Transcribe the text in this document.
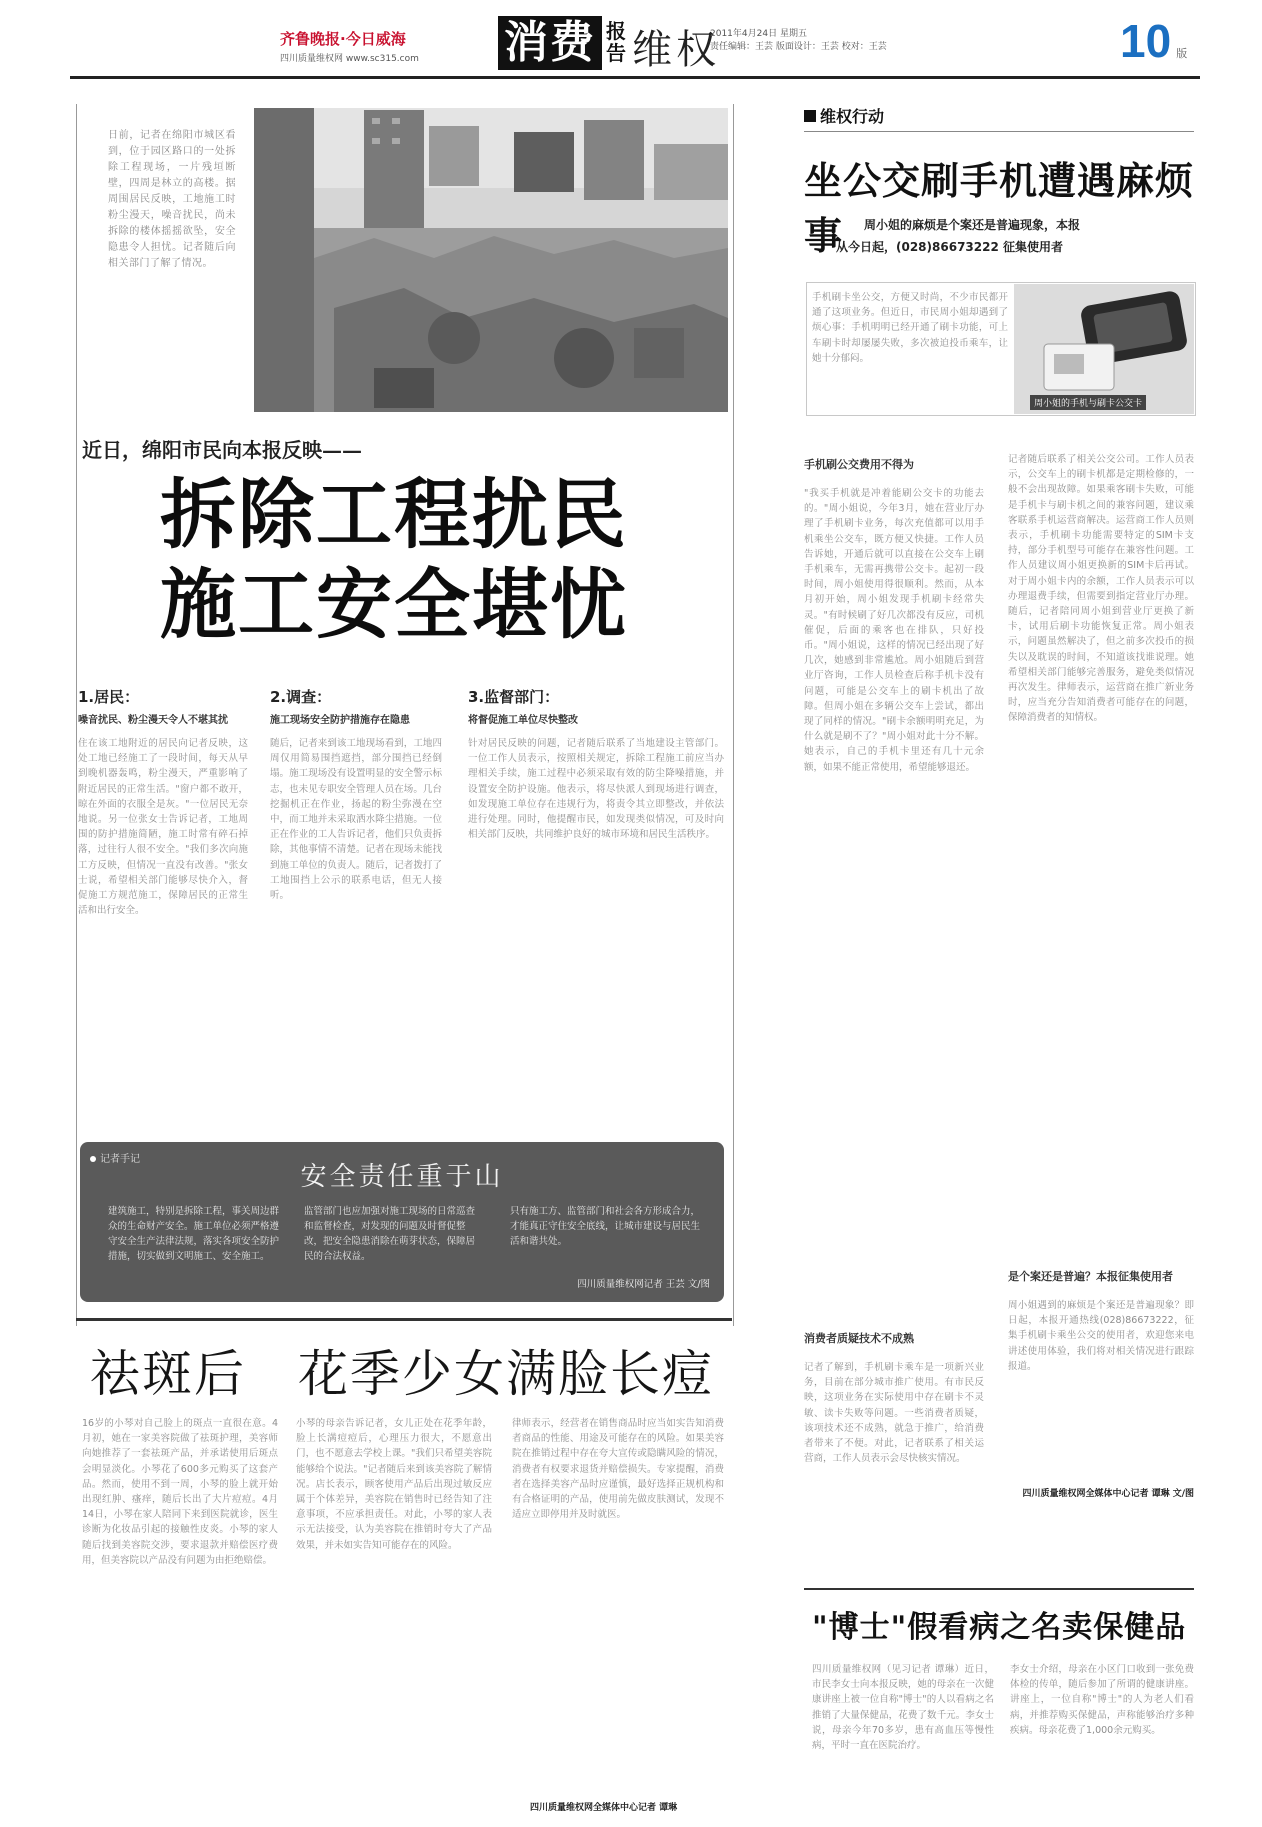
齐鲁晚报·今日威海
四川质量维权网 www.sc315.com 消费 报告 维权
2011年4月24日 星期五
责任编辑：王芸 版面设计：王芸 校对：王芸	10 版
日前，记者在绵阳市城区看到，位于园区路口的一处拆除工程现场，一片残垣断壁，四周是林立的高楼。据周围居民反映，工地施工时粉尘漫天，噪音扰民，尚未拆除的楼体摇摇欲坠，安全隐患令人担忧。记者随后向相关部门了解了情况。
近日，绵阳市民向本报反映——
拆除工程扰民
施工安全堪忧
1.居民：
噪音扰民、粉尘漫天令人不堪其扰
住在该工地附近的居民向记者反映，这处工地已经施工了一段时间，每天从早到晚机器轰鸣，粉尘漫天，严重影响了附近居民的正常生活。"窗户都不敢开，晾在外面的衣服全是灰。"一位居民无奈地说。另一位张女士告诉记者，工地周围的防护措施简陋，施工时常有碎石掉落，过往行人很不安全。"我们多次向施工方反映，但情况一直没有改善。"张女士说，希望相关部门能够尽快介入，督促施工方规范施工，保障居民的正常生活和出行安全。
2.调查：
施工现场安全防护措施存在隐患
随后，记者来到该工地现场看到，工地四周仅用简易围挡遮挡，部分围挡已经倒塌。施工现场没有设置明显的安全警示标志，也未见专职安全管理人员在场。几台挖掘机正在作业，扬起的粉尘弥漫在空中，而工地并未采取洒水降尘措施。一位正在作业的工人告诉记者，他们只负责拆除，其他事情不清楚。记者在现场未能找到施工单位的负责人。随后，记者拨打了工地围挡上公示的联系电话，但无人接听。
3.监督部门：
将督促施工单位尽快整改
针对居民反映的问题，记者随后联系了当地建设主管部门。一位工作人员表示，按照相关规定，拆除工程施工前应当办理相关手续，施工过程中必须采取有效的防尘降噪措施，并设置安全防护设施。他表示，将尽快派人到现场进行调查，如发现施工单位存在违规行为，将责令其立即整改，并依法进行处理。同时，他提醒市民，如发现类似情况，可及时向相关部门反映，共同维护良好的城市环境和居民生活秩序。
记者手记
安全责任重于山
建筑施工，特别是拆除工程，事关周边群众的生命财产安全。施工单位必须严格遵守安全生产法律法规，落实各项安全防护措施，切实做到文明施工、安全施工。
监管部门也应加强对施工现场的日常巡查和监督检查，对发现的问题及时督促整改，把安全隐患消除在萌芽状态，保障居民的合法权益。
只有施工方、监管部门和社会各方形成合力，才能真正守住安全底线，让城市建设与居民生活和谐共处。
四川质量维权网记者 王芸 文/图
祛斑后　花季少女满脸长痘
16岁的小琴对自己脸上的斑点一直很在意。4月初，她在一家美容院做了祛斑护理，美容师向她推荐了一套祛斑产品，并承诺使用后斑点会明显淡化。小琴花了600多元购买了这套产品。然而，使用不到一周，小琴的脸上就开始出现红肿、瘙痒，随后长出了大片痘痘。4月14日，小琴在家人陪同下来到医院就诊，医生诊断为化妆品引起的接触性皮炎。小琴的家人随后找到美容院交涉，要求退款并赔偿医疗费用，但美容院以产品没有问题为由拒绝赔偿。
小琴的母亲告诉记者，女儿正处在花季年龄，脸上长满痘痘后，心理压力很大，不愿意出门，也不愿意去学校上课。"我们只希望美容院能够给个说法。"记者随后来到该美容院了解情况。店长表示，顾客使用产品后出现过敏反应属于个体差异，美容院在销售时已经告知了注意事项，不应承担责任。对此，小琴的家人表示无法接受，认为美容院在推销时夸大了产品效果，并未如实告知可能存在的风险。
律师表示，经营者在销售商品时应当如实告知消费者商品的性能、用途及可能存在的风险。如果美容院在推销过程中存在夸大宣传或隐瞒风险的情况，消费者有权要求退货并赔偿损失。专家提醒，消费者在选择美容产品时应谨慎，最好选择正规机构和有合格证明的产品，使用前先做皮肤测试，发现不适应立即停用并及时就医。
四川质量维权网全媒体中心记者 谭琳
维权行动
坐公交刷手机遭遇麻烦事	周小姐的麻烦是个案还是普遍现象，本报
从今日起，(028)86673222 征集使用者
手机刷卡坐公交，方便又时尚，不少市民都开通了这项业务。但近日，市民周小姐却遇到了烦心事：手机明明已经开通了刷卡功能，可上车刷卡时却屡屡失败，多次被迫投币乘车，让她十分郁闷。
周小姐的手机与刷卡公交卡
手机刷公交费用不得为
"我买手机就是冲着能刷公交卡的功能去的。"周小姐说，今年3月，她在营业厅办理了手机刷卡业务，每次充值都可以用手机乘坐公交车，既方便又快捷。工作人员告诉她，开通后就可以直接在公交车上刷手机乘车，无需再携带公交卡。起初一段时间，周小姐使用得很顺利。然而，从本月初开始，周小姐发现手机刷卡经常失灵。"有时候刷了好几次都没有反应，司机催促，后面的乘客也在排队，只好投币。"周小姐说，这样的情况已经出现了好几次，她感到非常尴尬。周小姐随后到营业厅咨询，工作人员检查后称手机卡没有问题，可能是公交车上的刷卡机出了故障。但周小姐在多辆公交车上尝试，都出现了同样的情况。"刷卡余额明明充足，为什么就是刷不了？"周小姐对此十分不解。她表示，自己的手机卡里还有几十元余额，如果不能正常使用，希望能够退还。
消费者质疑技术不成熟
记者了解到，手机刷卡乘车是一项新兴业务，目前在部分城市推广使用。有市民反映，这项业务在实际使用中存在刷卡不灵敏、读卡失败等问题。一些消费者质疑，该项技术还不成熟，就急于推广，给消费者带来了不便。对此，记者联系了相关运营商，工作人员表示会尽快核实情况。
记者随后联系了相关公交公司。工作人员表示，公交车上的刷卡机都是定期检修的，一般不会出现故障。如果乘客刷卡失败，可能是手机卡与刷卡机之间的兼容问题，建议乘客联系手机运营商解决。运营商工作人员则表示，手机刷卡功能需要特定的SIM卡支持，部分手机型号可能存在兼容性问题。工作人员建议周小姐更换新的SIM卡后再试。对于周小姐卡内的余额，工作人员表示可以办理退费手续，但需要到指定营业厅办理。随后，记者陪同周小姐到营业厅更换了新卡，试用后刷卡功能恢复正常。周小姐表示，问题虽然解决了，但之前多次投币的损失以及耽误的时间，不知道该找谁说理。她希望相关部门能够完善服务，避免类似情况再次发生。律师表示，运营商在推广新业务时，应当充分告知消费者可能存在的问题，保障消费者的知情权。
是个案还是普遍？本报征集使用者
周小姐遇到的麻烦是个案还是普遍现象？即日起，本报开通热线(028)86673222，征集手机刷卡乘坐公交的使用者，欢迎您来电讲述使用体验，我们将对相关情况进行跟踪报道。
四川质量维权网全媒体中心记者 谭琳 文/图
"博士"假看病之名卖保健品
四川质量维权网（见习记者 谭琳）近日，市民李女士向本报反映，她的母亲在一次健康讲座上被一位自称"博士"的人以看病之名推销了大量保健品，花费了数千元。李女士说，母亲今年70多岁，患有高血压等慢性病，平时一直在医院治疗。
李女士介绍，母亲在小区门口收到一张免费体检的传单，随后参加了所谓的健康讲座。讲座上，一位自称"博士"的人为老人们看病，并推荐购买保健品，声称能够治疗多种疾病。母亲花费了1,000余元购买。
